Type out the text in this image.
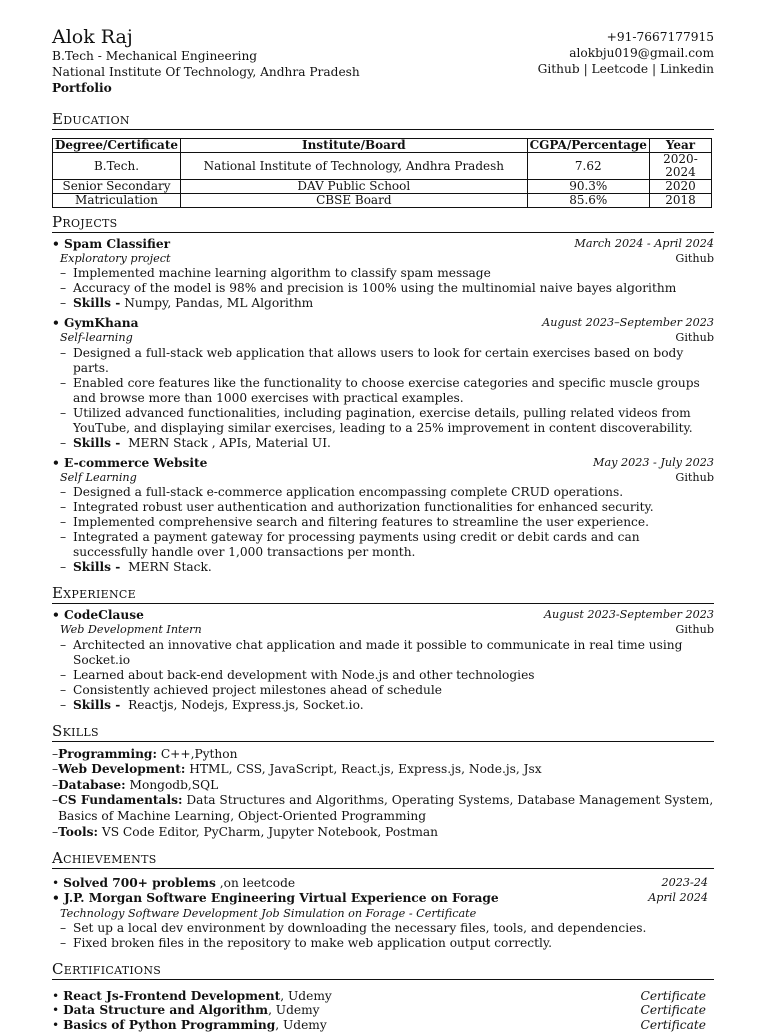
Alok Raj
B.Tech - Mechanical Engineering
National Institute Of Technology, Andhra Pradesh
Portfolio
+91-7667177915
alokbju019@gmail.com
Github | Leetcode | Linkedin
Education
Degree/Certificate	Institute/Board	CGPA/Percentage	Year
B.Tech.	National Institute of Technology, Andhra Pradesh	7.62	2020-2024
Senior Secondary	DAV Public School	90.3%	2020
Matriculation	CBSE Board	85.6%	2018
Projects
• Spam Classifier	March 2024 - April 2024
Exploratory project	Github
– Implemented machine learning algorithm to classify spam message
– Accuracy of the model is 98% and precision is 100% using the multinomial naive bayes algorithm
– Skills - Numpy, Pandas, ML Algorithm
• GymKhana	August 2023–September 2023
Self-learning	Github
– Designed a full-stack web application that allows users to look for certain exercises based on body parts.
– Enabled core features like the functionality to choose exercise categories and specific muscle groups and browse more than 1000 exercises with practical examples.
– Utilized advanced functionalities, including pagination, exercise details, pulling related videos from YouTube, and displaying similar exercises, leading to a 25% improvement in content discoverability.
– Skills - MERN Stack , APIs, Material UI.
• E-commerce Website	May 2023 - July 2023
Self Learning	Github
– Designed a full-stack e-commerce application encompassing complete CRUD operations.
– Integrated robust user authentication and authorization functionalities for enhanced security.
– Implemented comprehensive search and filtering features to streamline the user experience.
– Integrated a payment gateway for processing payments using credit or debit cards and can successfully handle over 1,000 transactions per month.
– Skills - MERN Stack.
Experience
• CodeClause	August 2023-September 2023
Web Development Intern	Github
– Architected an innovative chat application and made it possible to communicate in real time using Socket.io
– Learned about back-end development with Node.js and other technologies
– Consistently achieved project milestones ahead of schedule
– Skills - Reactjs, Nodejs, Express.js, Socket.io.
Skills
– Programming: C++,Python
– Web Development: HTML, CSS, JavaScript, React.js, Express.js, Node.js, Jsx
– Database: Mongodb,SQL
– CS Fundamentals: Data Structures and Algorithms, Operating Systems, Database Management System, Basics of Machine Learning, Object-Oriented Programming
– Tools: VS Code Editor, PyCharm, Jupyter Notebook, Postman
Achievements
• Solved 700+ problems ,on leetcode	2023-24
• J.P. Morgan Software Engineering Virtual Experience on Forage	April 2024
Technology Software Development Job Simulation on Forage - Certificate
– Set up a local dev environment by downloading the necessary files, tools, and dependencies.
– Fixed broken files in the repository to make web application output correctly.
Certifications
• React Js-Frontend Development, Udemy	Certificate
• Data Structure and Algorithm, Udemy	Certificate
• Basics of Python Programming, Udemy	Certificate
